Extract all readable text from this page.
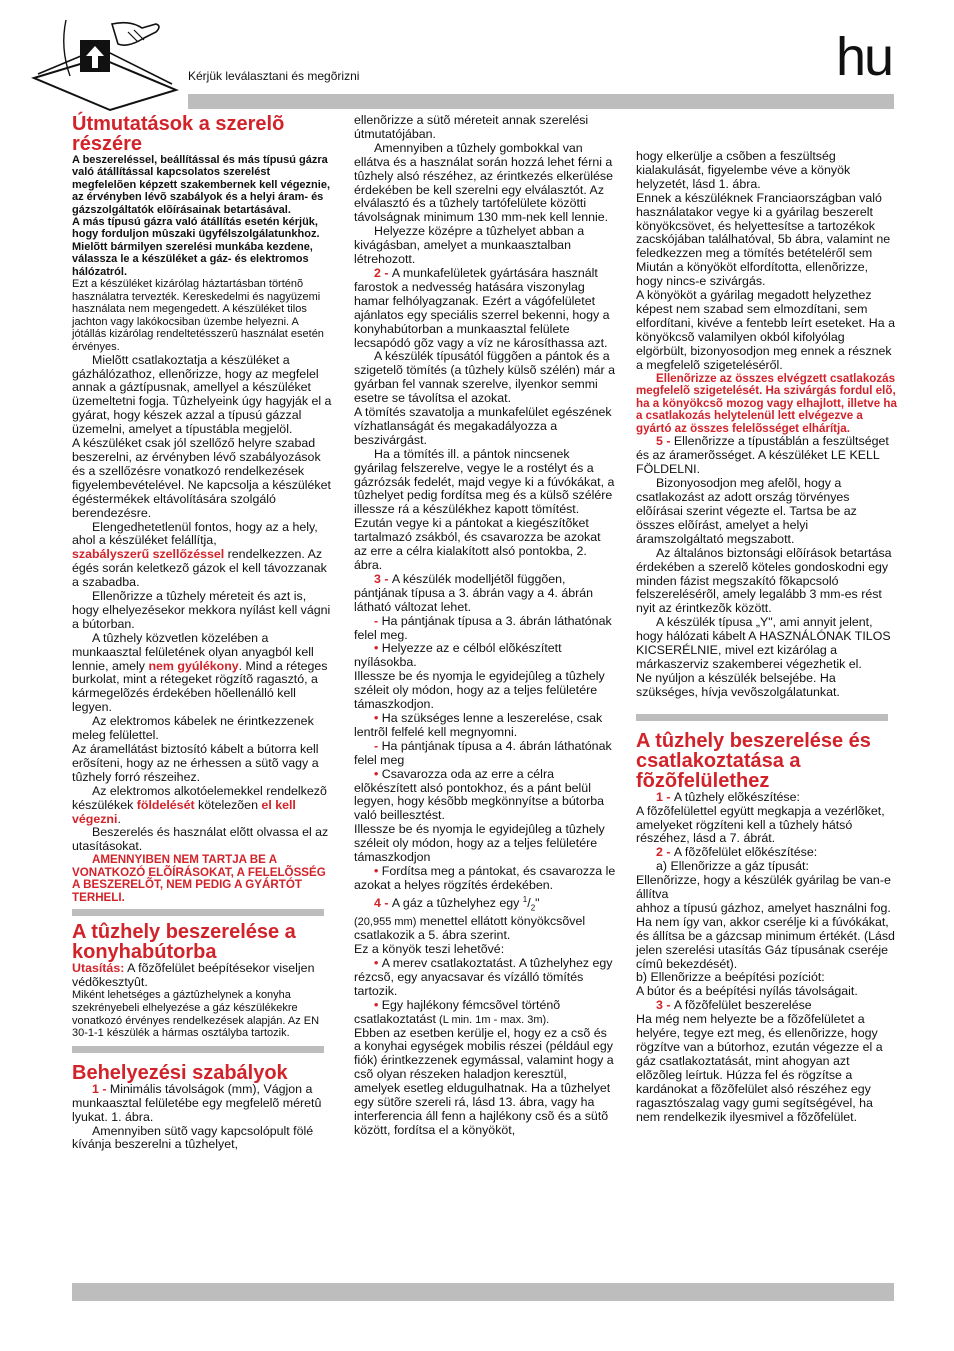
Kérjük leválasztani és megõrizni	hu

Útmutatások a szerelõ részére

A beszereléssel, beállítással és más típusú gázra való átállítással kapcsolatos szerelést megfelelõen képzett szakembernek kell végeznie, az érvényben lévõ szabályok és a helyi áram- és gázszolgáltatók elõírásainak betartásával.

A más típusú gázra való átállítás esetén kérjük, hogy forduljon mûszaki ügyfélszolgálatunkhoz.

Mielõtt bármilyen szerelési munkába kezdene, válassza le a készüléket a gáz- és elektromos hálózatról.

Ezt a készüléket kizárólag háztartásban történõ használatra tervezték. Kereskedelmi és nagyüzemi használata nem megengedett. A készüléket tilos jachton vagy lakókocsiban üzembe helyezni. A jótállás kizárólag rendeltetésszerû használat esetén érvényes.

Mielõtt csatlakoztatja a készüléket a gázhálózathoz, ellenõrizze, hogy az megfelel annak a gáztípusnak, amellyel a készüléket üzemeltetni fogja. Tûzhelyeink úgy hagyják el a gyárat, hogy készek azzal a típusú gázzal üzemelni, amelyet a típustábla megjelöl.

A készüléket csak jól szellőző helyre szabad beszerelni, az érvényben lévő szabályozások és a szellőzésre vonatkozó rendelkezések figyelembevételével. Ne kapcsolja a készüléket égéstermékek eltávolítására szolgáló berendezésre.

Elengedhetetlenül fontos, hogy az a hely, ahol a készüléket felállítja,
szabályszerű szellőzéssel rendelkezzen. Az égés során keletkezõ gázok el kell távozzanak a szabadba.

Ellenõrizze a tûzhely méreteit és azt is, hogy elhelyezésekor mekkora nyílást kell vágni a bútorban.

A tûzhely közvetlen közelében a munkaasztal felületének olyan anyagból kell lennie, amely nem gyúlékony. Mind a réteges burkolat, mint a rétegeket rögzítõ ragasztó, a kármegelõzés érdekében hõellenálló kell legyen.

Az elektromos kábelek ne érintkezzenek meleg felülettel.

Az áramellátást biztosító kábelt a bútorra kell erõsíteni, hogy az ne érhessen a sütõ vagy a tûzhely forró részeihez.

Az elektromos alkotóelemekkel rendelkezõ készülékek földelését kötelezõen el kell végezni.

Beszerelés és használat elõtt olvassa el az utasításokat.

AMENNYIBEN NEM TARTJA BE A VONATKOZÓ ELÕÍRÁSOKAT, A FELELÕSSÉG A BESZERELÕT, NEM PEDIG A GYÁRTÓT TERHELI.

A tûzhely beszerelése a konyhabútorba

Utasítás: A fõzõfelület beépítésekor viseljen védõkesztyût.

Miként lehetséges a gáztûzhelynek a konyha szekrényebeli elhelyezése a gáz készülékekre vonatkozó érvényes rendelkezések alapján. Az EN 30-1-1 készülék a hármas osztályba tartozik.

Behelyezési szabályok

1 - Minimális távolságok (mm), Vágjon a munkaasztal felületébe egy megfelelõ méretû lyukat. 1. ábra.

Amennyiben sütõ vagy kapcsolópult fölé kívánja beszerelni a tûzhelyet,

ellenõrizze a sütõ méreteit annak szerelési útmutatójában.

Amennyiben a tûzhely gombokkal van ellátva és a használat során hozzá lehet férni a tûzhely alsó részéhez, az érintkezés elkerülése érdekében be kell szerelni egy elválasztót. Az elválasztó és a tûzhely tartófelülete közötti távolságnak minimum 130 mm-nek kell lennie.

Helyezze középre a tûzhelyet abban a kivágásban, amelyet a munkaasztalban létrehozott.

2 - A munkafelületek gyártására használt farostok a nedvesség hatására viszonylag hamar felhólyagzanak. Ezért a vágófelületet ajánlatos egy speciális szerrel bekenni, hogy a konyhabútorban a munkaasztal felülete lecsapódó gõz vagy a víz ne károsíthassa azt.

A készülék típusától függõen a pántok és a szigetelõ tömítés (a tûzhely külsõ szélén) már a gyárban fel vannak szerelve, ilyenkor semmi esetre se távolítsa el azokat.

A tömítés szavatolja a munkafelület egészének vízhatlanságát és megakadályozza a beszivárgást.

Ha a tömítés ill. a pántok nincsenek gyárilag felszerelve, vegye le a rostélyt és a gázrózsák fedelét, majd vegye ki a fúvókákat, a tûzhelyet pedig fordítsa meg és a külsõ szélére illessze rá a készülékhez kapott tömítést.

Ezután vegye ki a pántokat a kiegészítõket tartalmazó zsákból, és csavarozza be azokat az erre a célra kialakított alsó pontokba, 2. ábra.

3 - A készülék modelljétõl függõen, pántjának típusa a 3. ábrán vagy a 4. ábrán látható változat lehet.

- Ha pántjának típusa a 3. ábrán láthatónak felel meg.

• Helyezze az e célból elõkészített nyílásokba.

Illessze be és nyomja le egyidejûleg a tûzhely széleit oly módon, hogy az a teljes felületére támaszkodjon.

• Ha szükséges lenne a leszerelése, csak lentrõl felfelé kell megnyomni.

- Ha pántjának típusa a 4. ábrán láthatónak felel meg

• Csavarozza oda az erre a célra elõkészített alsó pontokhoz, és a pánt belül legyen, hogy késõbb megkönnyítse a bútorba való beillesztést.

Illessze be és nyomja le egyidejûleg a tûzhely széleit oly módon, hogy az a teljes felületére támaszkodjon

• Fordítsa meg a pántokat, és csavarozza le azokat a helyes rögzítés érdekében.

4 - A gáz a tûzhelyhez egy $^1/_2$"
(20,955 mm) menettel ellátott könyökcsõvel csatlakozik a 5. ábra szerint.

Ez a könyök teszi lehetõvé:

• A merev csatlakoztatást. A tûzhelyhez egy rézcsõ, egy anyacsavar és vízálló tömítés tartozik.

• Egy hajlékony fémcsõvel történõ csatlakoztatást (L min. 1m - max. 3m).

Ebben az esetben kerülje el, hogy ez a csõ és a konyhai egységek mobilis részei (például egy fiók) érintkezzenek egymással, valamint hogy a csõ olyan részeken haladjon keresztül, amelyek esetleg eldugulhatnak. Ha a tûzhelyet egy sütõre szereli rá, lásd 13. ábra, vagy ha interferencia áll fenn a hajlékony csõ és a sütõ között, fordítsa el a könyököt,

hogy elkerülje a csõben a feszültség kialakulását, figyelembe véve a könyök helyzetét, lásd 1. ábra.

Ennek a készüléknek Franciaországban való használatakor vegye ki a gyárilag beszerelt könyökcsövet, és helyettesítse a tartozékok zacskójában találhatóval, 5b ábra, valamint ne feledkezzen meg a tömítés betételéről sem

Miután a könyököt elfordította, ellenõrizze, hogy nincs-e szivárgás.

A könyököt a gyárilag megadott helyzethez képest nem szabad sem elmozdítani, sem elfordítani, kivéve a fentebb leírt eseteket. Ha a könyökcsõ valamilyen okból kifolyólag elgörbült, bizonyosodjon meg ennek a résznek a megfelelõ szigeteléséről.

Ellenõrizze az összes elvégzett csatlakozás megfelelõ szigetelését. Ha szivárgás fordul elõ, ha a könyökcsõ mozog vagy elhajlott, illetve ha a csatlakozás helytelenül lett elvégezve a gyártó az összes felelõsséget elhárítja.

5 - Ellenõrizze a típustáblán a feszültséget és az áramerõsséget. A készüléket LE KELL FÖLDELNI.

Bizonyosodjon meg afelõl, hogy a csatlakozást az adott ország törvényes elõírásai szerint végezte el. Tartsa be az összes elõírást, amelyet a helyi áramszolgáltató megszabott.

Az általános biztonsági elõírások betartása érdekében a szerelõ köteles gondoskodni egy minden fázist megszakító fõkapcsoló felszerelésérõl, amely legalább 3 mm-es rést nyit az érintkezõk között.

A készülék típusa „Y", ami annyit jelent, hogy hálózati kábelt A HASZNÁLÓNAK TILOS KICSERÉLNIE, mivel ezt kizárólag a márkaszerviz szakemberei végezhetik el.

Ne nyúljon a készülék belsejébe. Ha szükséges, hívja vevõszolgálatunkat.

A tûzhely beszerelése és csatlakoztatása a fõzõfelülethez

1 - A tûzhely elõkészítése:

A fõzõfelülettel együtt megkapja a vezérlõket, amelyeket rögzíteni kell a tûzhely hátsó részéhez, lásd a 7. ábrát.

2 - A fõzõfelület elõkészítése:

a) Ellenõrizze a gáz típusát:

Ellenõrizze, hogy a készülék gyárilag be van-e állítva

ahhoz a típusú gázhoz, amelyet használni fog. Ha nem így van, akkor cserélje ki a fúvókákat, és állítsa be a gázcsap minimum értékét. (Lásd jelen szerelési utasítás Gáz típusának cseréje címû bekezdését).

b) Ellenõrizze a beépítési pozíciót:

A bútor és a beépítési nyílás távolságait.

3 - A fõzõfelület beszerelése

Ha még nem helyezte be a fõzõfelületet a helyére, tegye ezt meg, és ellenõrizze, hogy rögzítve van a bútorhoz, ezután végezze el a gáz csatlakoztatását, mint ahogyan azt elõzõleg leírtuk. Húzza fel és rögzítse a kardánokat a fõzõfelület alsó részéhez egy ragasztószalag vagy gumi segítségével, ha nem rendelkezik ilyesmivel a fõzõfelület.
